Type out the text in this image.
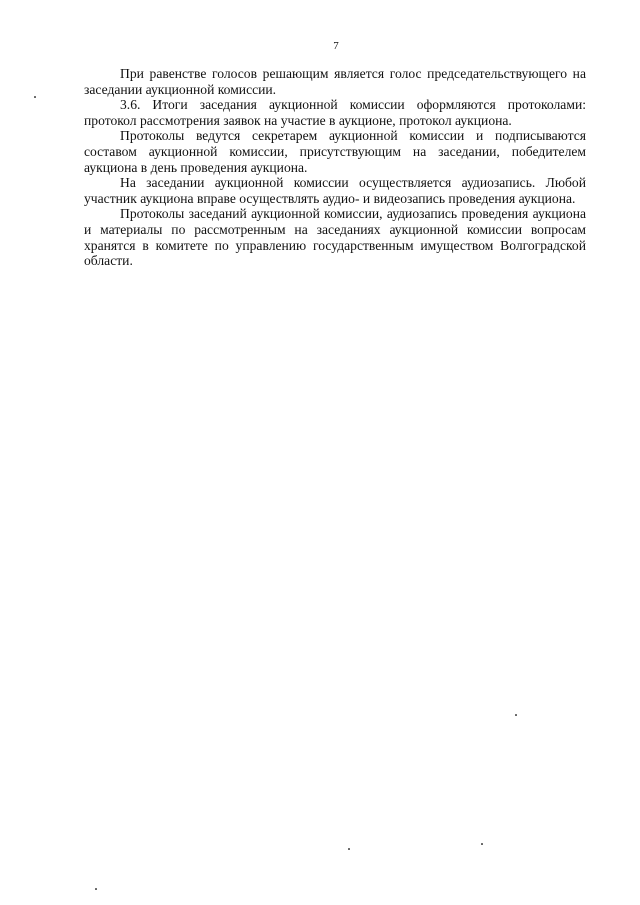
7

При равенстве голосов решающим является голос председательствующего на заседании аукционной комиссии.

3.6. Итоги заседания аукционной комиссии оформляются протоколами: протокол рассмотрения заявок на участие в аукционе, протокол аукциона.

Протоколы ведутся секретарем аукционной комиссии и подписываются составом аукционной комиссии, присутствующим на заседании, победителем аукциона в день проведения аукциона.

На заседании аукционной комиссии осуществляется аудиозапись. Любой участник аукциона вправе осуществлять аудио- и видеозапись проведения аукциона.

Протоколы заседаний аукционной комиссии, аудиозапись проведения аукциона и материалы по рассмотренным на заседаниях аукционной комиссии вопросам хранятся в комитете по управлению государственным имуществом Волгоградской области.
